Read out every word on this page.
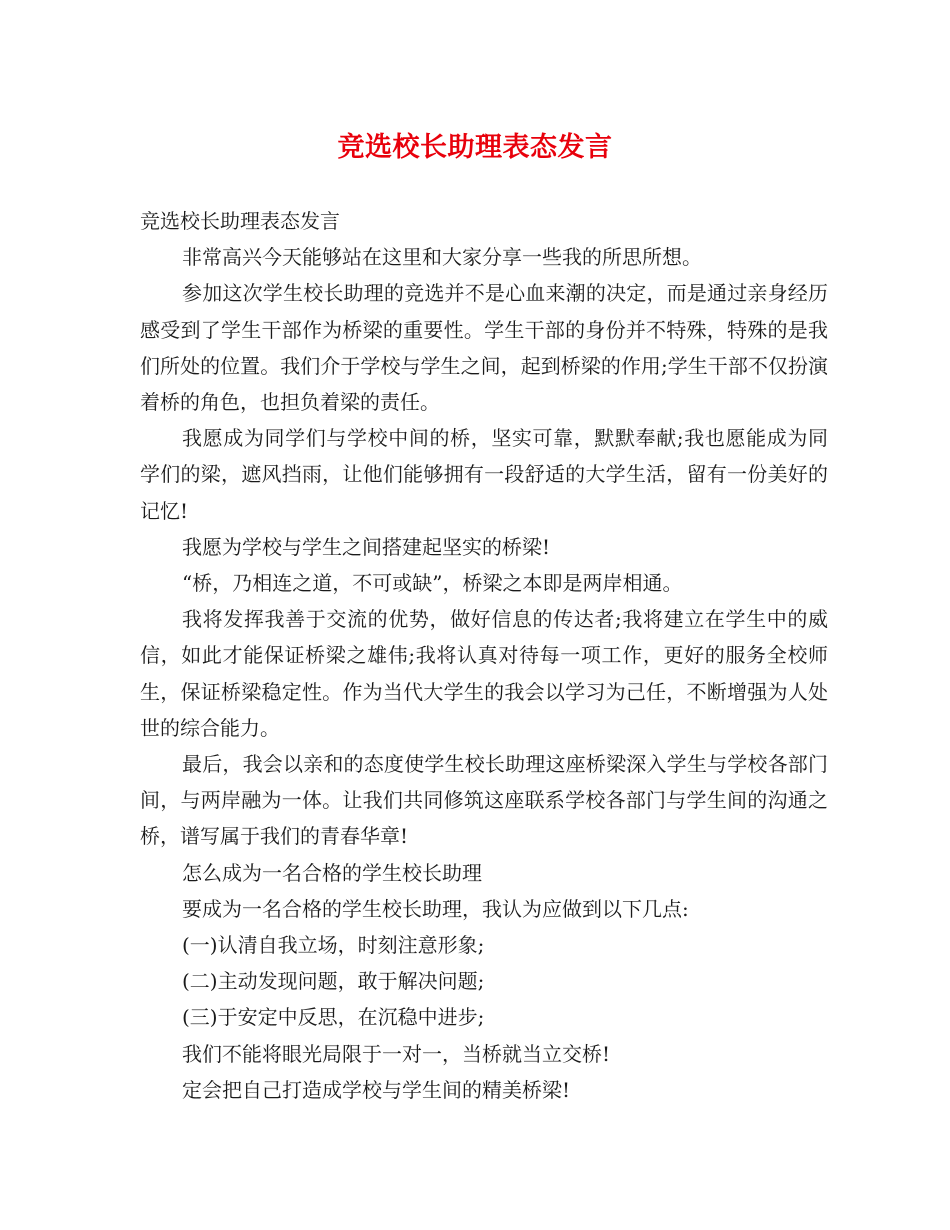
竞选校长助理表态发言

竞选校长助理表态发言

非常高兴今天能够站在这里和大家分享一些我的所思所想。

参加这次学生校长助理的竞选并不是心血来潮的决定，而是通过亲身经历感受到了学生干部作为桥梁的重要性。学生干部的身份并不特殊，特殊的是我们所处的位置。我们介于学校与学生之间，起到桥梁的作用;学生干部不仅扮演着桥的角色，也担负着梁的责任。

我愿成为同学们与学校中间的桥，坚实可靠，默默奉献;我也愿能成为同学们的梁，遮风挡雨，让他们能够拥有一段舒适的大学生活，留有一份美好的记忆!

我愿为学校与学生之间搭建起坚实的桥梁!

“桥，乃相连之道，不可或缺”，桥梁之本即是两岸相通。

我将发挥我善于交流的优势，做好信息的传达者;我将建立在学生中的威信，如此才能保证桥梁之雄伟;我将认真对待每一项工作，更好的服务全校师生，保证桥梁稳定性。作为当代大学生的我会以学习为己任，不断增强为人处世的综合能力。

最后，我会以亲和的态度使学生校长助理这座桥梁深入学生与学校各部门间，与两岸融为一体。让我们共同修筑这座联系学校各部门与学生间的沟通之桥，谱写属于我们的青春华章!

怎么成为一名合格的学生校长助理

要成为一名合格的学生校长助理，我认为应做到以下几点:

(一)认清自我立场，时刻注意形象;

(二)主动发现问题，敢于解决问题;

(三)于安定中反思，在沉稳中进步;

我们不能将眼光局限于一对一，当桥就当立交桥!

定会把自己打造成学校与学生间的精美桥梁!
